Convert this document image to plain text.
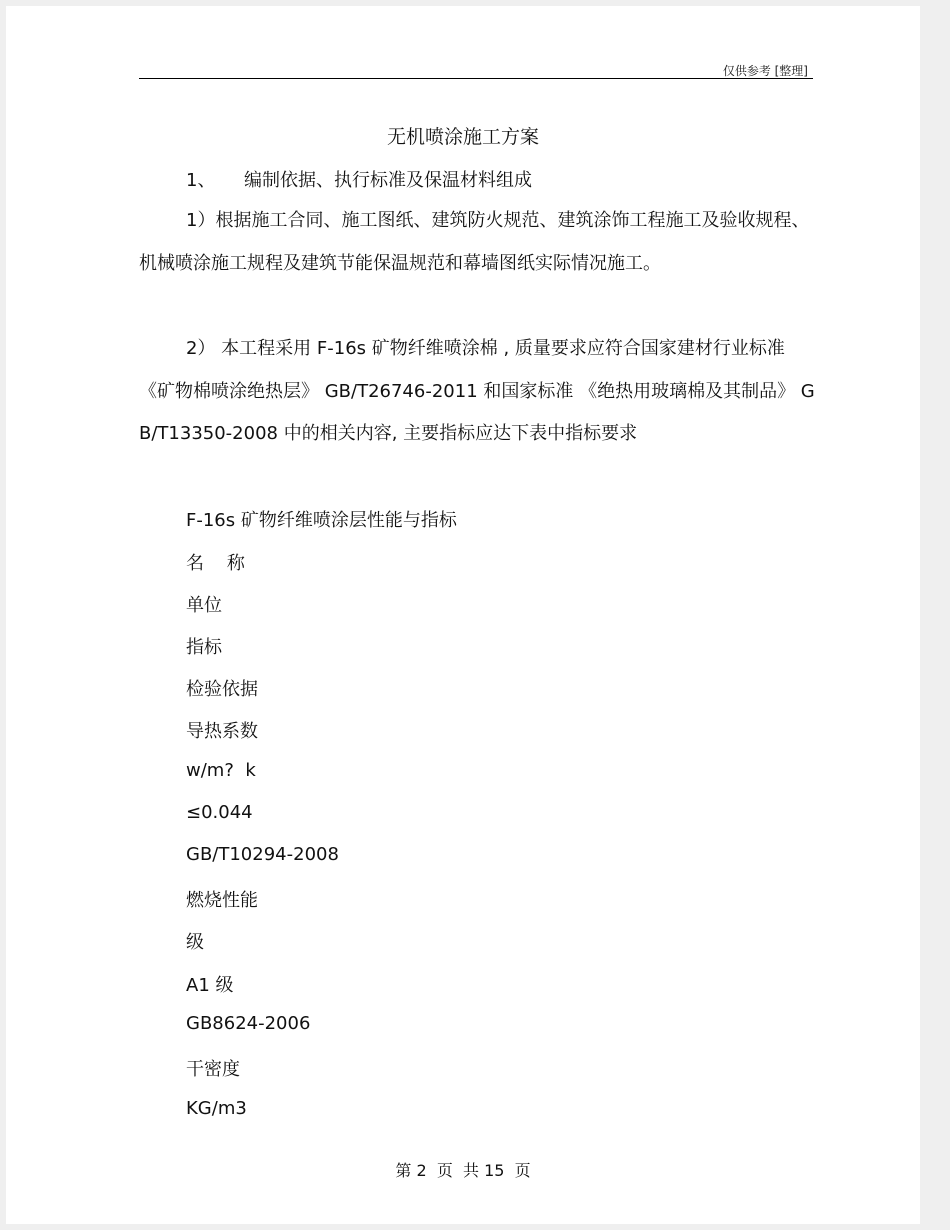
仅供参考 [整理]
无机喷涂施工方案
1、     编制依据、执行标准及保温材料组成
1）根据施工合同、施工图纸、建筑防火规范、建筑涂饰工程施工及验收规程、 机械喷涂施工规程及建筑节能保温规范和幕墙图纸实际情况施工。
2） 本工程采用 F-16s 矿物纤维喷涂棉 , 质量要求应符合国家建材行业标准 《矿物棉喷涂绝热层》 GB/T26746-2011 和国家标准 《绝热用玻璃棉及其制品》 GB/T13350-2008 中的相关内容, 主要指标应达下表中指标要求
F-16s 矿物纤维喷涂层性能与指标
名    称
单位
指标
检验依据
导热系数
w/m?  k
≤0.044
GB/T10294-2008
燃烧性能
级
A1 级
GB8624-2006
干密度
KG/m3
第 2  页  共 15  页
